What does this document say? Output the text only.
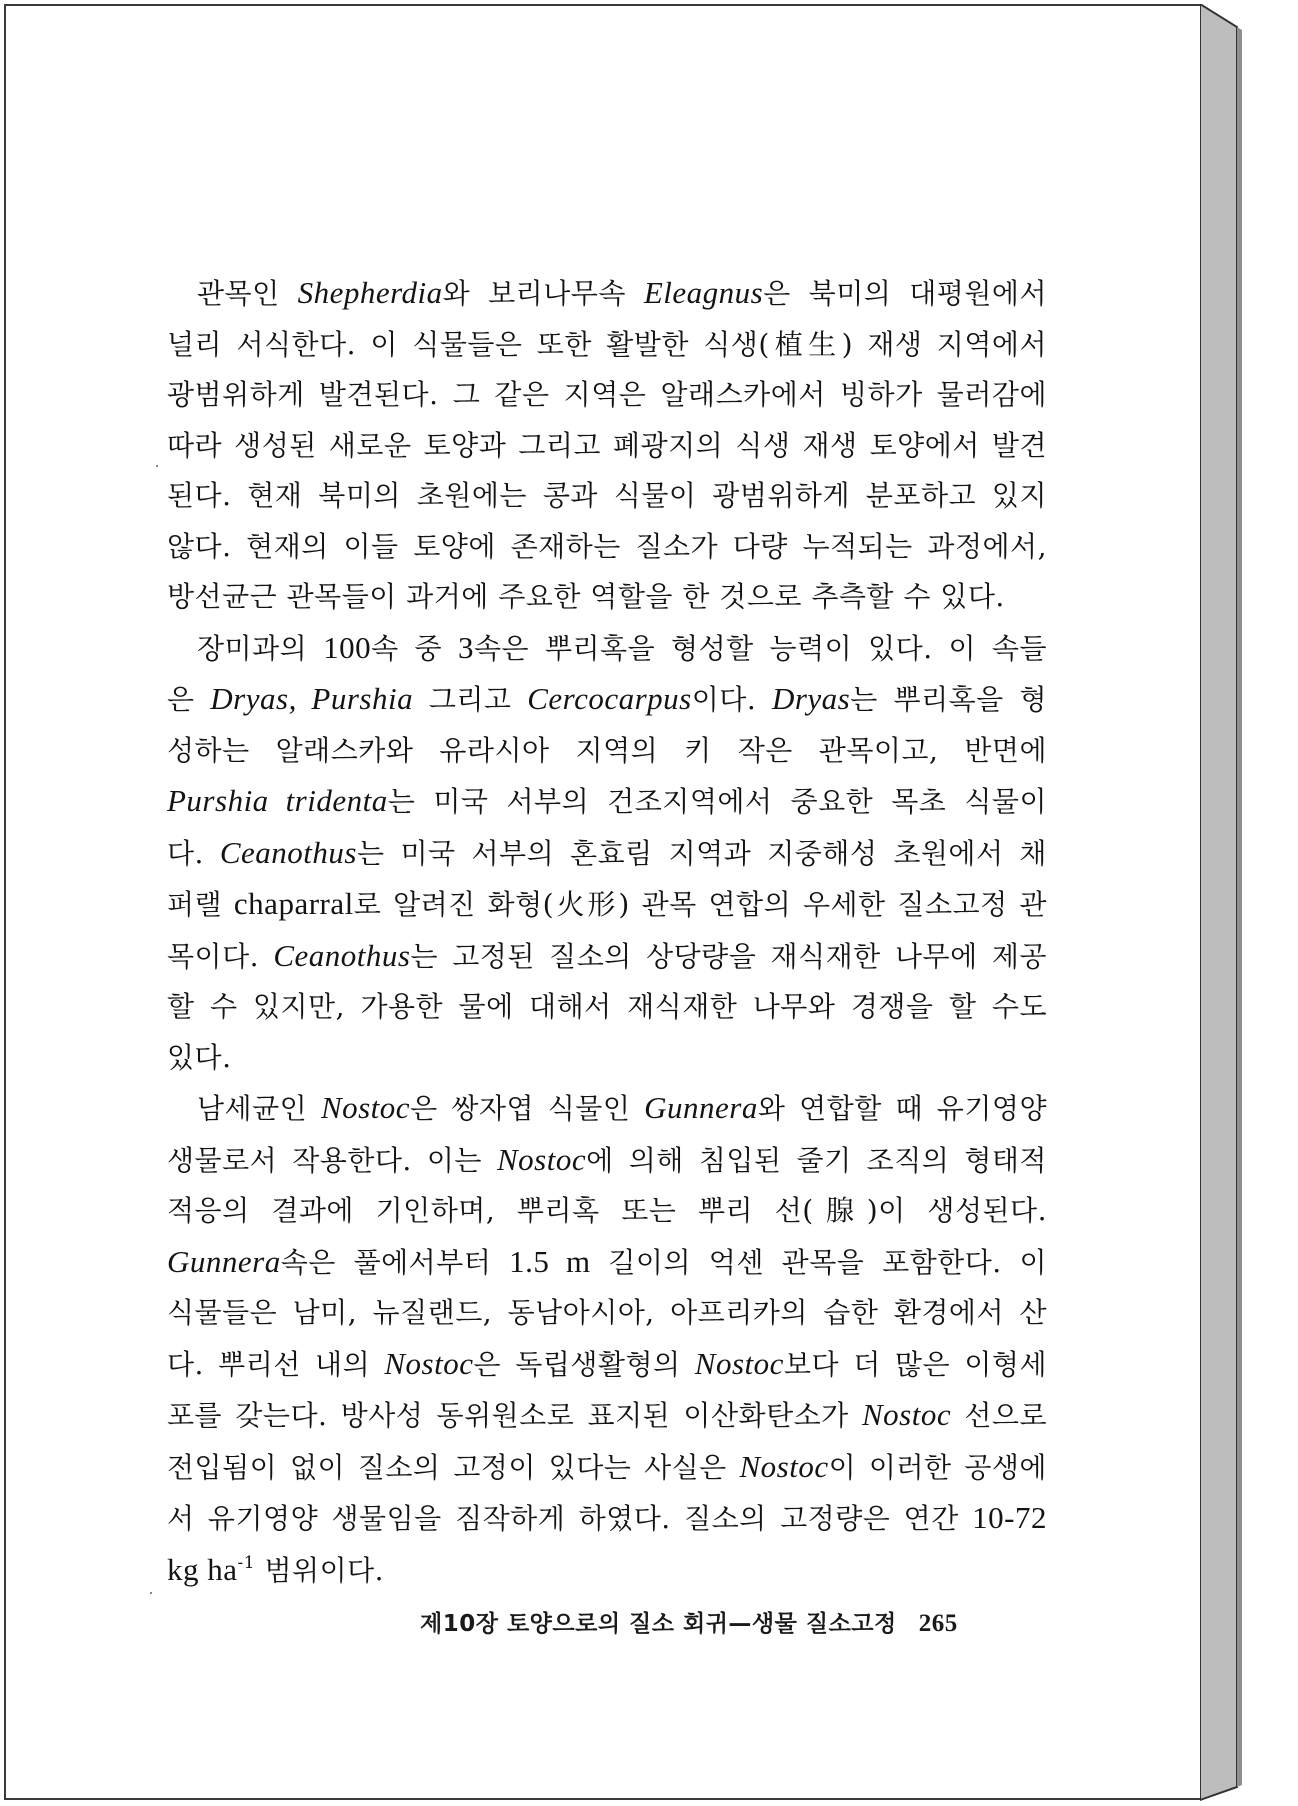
관목인 Shepherdia와 보리나무속 Eleagnus은 북미의 대평원에서
널리 서식한다. 이 식물들은 또한 활발한 식생(植生) 재생 지역에서
광범위하게 발견된다. 그 같은 지역은 알래스카에서 빙하가 물러감에
따라 생성된 새로운 토양과 그리고 폐광지의 식생 재생 토양에서 발견
된다. 현재 북미의 초원에는 콩과 식물이 광범위하게 분포하고 있지
않다. 현재의 이들 토양에 존재하는 질소가 다량 누적되는 과정에서,
방선균근 관목들이 과거에 주요한 역할을 한 것으로 추측할 수 있다.

장미과의 100속 중 3속은 뿌리혹을 형성할 능력이 있다. 이 속들
은 Dryas, Purshia 그리고 Cercocarpus이다. Dryas는 뿌리혹을 형
성하는 알래스카와 유라시아 지역의 키 작은 관목이고, 반면에
Purshia tridenta는 미국 서부의 건조지역에서 중요한 목초 식물이
다. Ceanothus는 미국 서부의 혼효림 지역과 지중해성 초원에서 채
퍼랠 chaparral로 알려진 화형(火形) 관목 연합의 우세한 질소고정 관
목이다. Ceanothus는 고정된 질소의 상당량을 재식재한 나무에 제공
할 수 있지만, 가용한 물에 대해서 재식재한 나무와 경쟁을 할 수도
있다.

남세균인 Nostoc은 쌍자엽 식물인 Gunnera와 연합할 때 유기영양
생물로서 작용한다. 이는 Nostoc에 의해 침입된 줄기 조직의 형태적
적응의 결과에 기인하며, 뿌리혹 또는 뿌리 선(腺)이 생성된다.
Gunnera속은 풀에서부터 1.5 m 길이의 억센 관목을 포함한다. 이
식물들은 남미, 뉴질랜드, 동남아시아, 아프리카의 습한 환경에서 산
다. 뿌리선 내의 Nostoc은 독립생활형의 Nostoc보다 더 많은 이형세
포를 갖는다. 방사성 동위원소로 표지된 이산화탄소가 Nostoc 선으로
전입됨이 없이 질소의 고정이 있다는 사실은 Nostoc이 이러한 공생에
서 유기영양 생물임을 짐작하게 하였다. 질소의 고정량은 연간 10-72
kg $ha^{-1}$ 범위이다.

제10장 토양으로의 질소 회귀—생물 질소고정 265
